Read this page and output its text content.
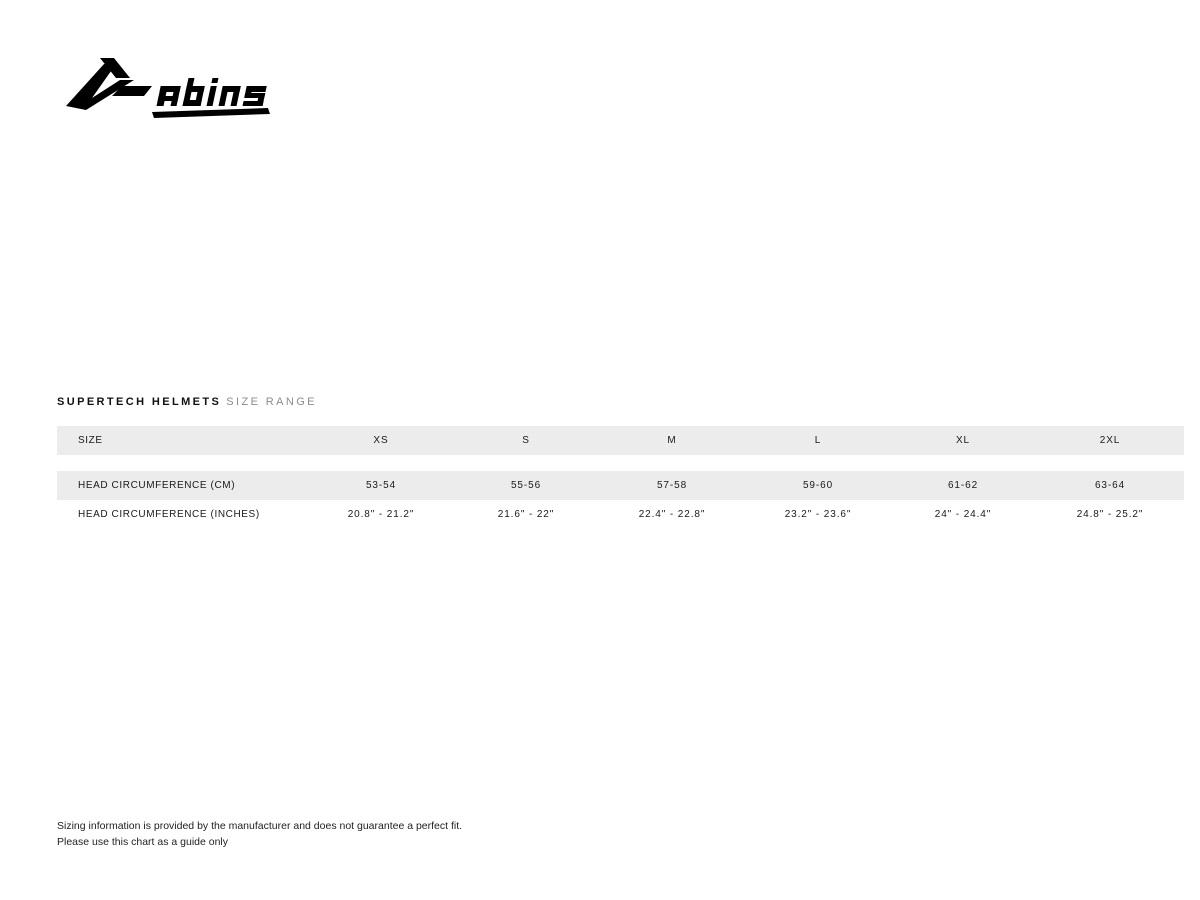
SUPERTECH HELMETS SIZE RANGE
SIZE	XS	S	M	L	XL	2XL

HEAD CIRCUMFERENCE (CM)	53-54	55-56	57-58	59-60	61-62	63-64
HEAD CIRCUMFERENCE (INCHES)	20.8" - 21.2"	21.6" - 22"	22.4" - 22.8"	23.2" - 23.6"	24" - 24.4"	24.8" - 25.2"
Sizing information is provided by the manufacturer and does not guarantee a perfect fit.
Please use this chart as a guide only
